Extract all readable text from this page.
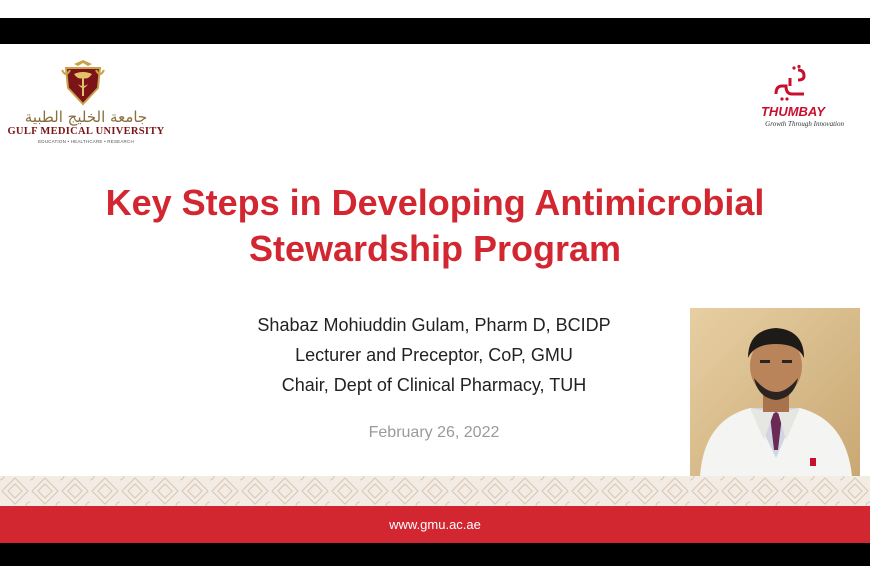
جامعة الخليج الطبية
GULF MEDICAL UNIVERSITY
EDUCATION • HEALTHCARE • RESEARCH
THUMBAY
Growth Through Innovation
Key Steps in Developing Antimicrobial
Stewardship Program
Shabaz Mohiuddin Gulam, Pharm D, BCIDP
Lecturer and Preceptor, CoP, GMU
Chair, Dept of Clinical Pharmacy, TUH
February 26, 2022
www.gmu.ac.ae
